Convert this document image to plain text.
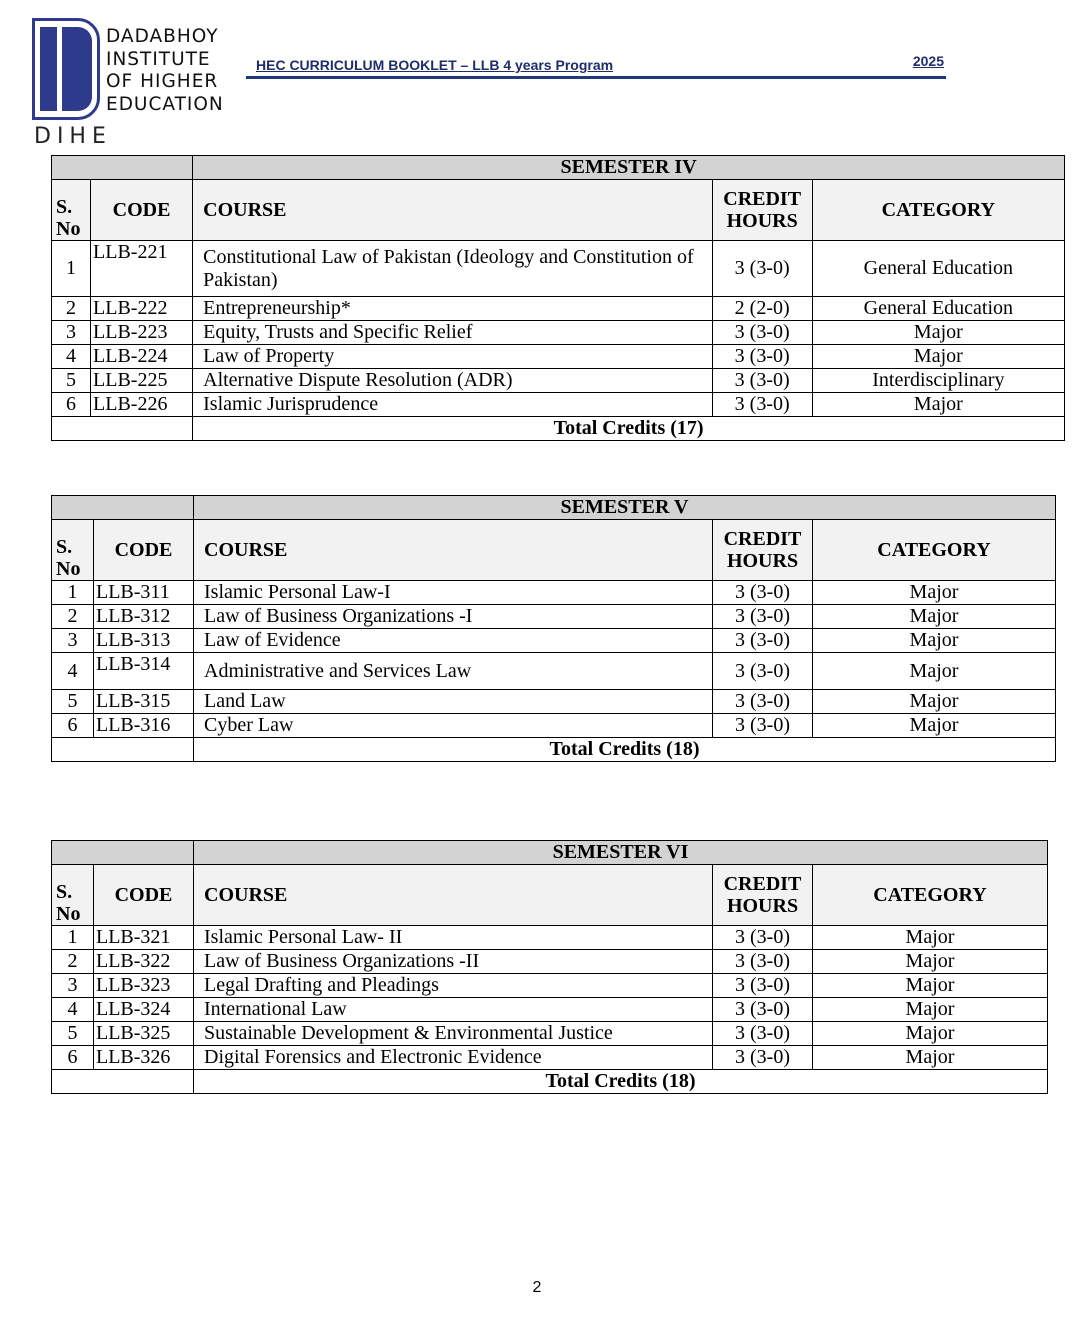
DADABHOY
INSTITUTE
OF HIGHER
EDUCATION
DIHE
HEC CURRICULUM BOOKLET – LLB 4 years Program	2025
		SEMESTER IV		
S. No	CODE	COURSE	CREDIT HOURS	CATEGORY
1	LLB-221	Constitutional Law of Pakistan (Ideology and Constitution of Pakistan)	3 (3-0)	General Education
2	LLB-222	Entrepreneurship*	2 (2-0)	General Education
3	LLB-223	Equity, Trusts and Specific Relief	3 (3-0)	Major
4	LLB-224	Law of Property	3 (3-0)	Major
5	LLB-225	Alternative Dispute Resolution (ADR)	3 (3-0)	Interdisciplinary
6	LLB-226	Islamic Jurisprudence	3 (3-0)	Major
		Total Credits (17)		
		SEMESTER V		
S. No	CODE	COURSE	CREDIT HOURS	CATEGORY
1	LLB-311	Islamic Personal Law-I	3 (3-0)	Major
2	LLB-312	Law of Business Organizations -I	3 (3-0)	Major
3	LLB-313	Law of Evidence	3 (3-0)	Major
4	LLB-314	Administrative and Services Law	3 (3-0)	Major
5	LLB-315	Land Law	3 (3-0)	Major
6	LLB-316	Cyber Law	3 (3-0)	Major
		Total Credits (18)		
		SEMESTER VI		
S. No	CODE	COURSE	CREDIT HOURS	CATEGORY
1	LLB-321	Islamic Personal Law- II	3 (3-0)	Major
2	LLB-322	Law of Business Organizations -II	3 (3-0)	Major
3	LLB-323	Legal Drafting and Pleadings	3 (3-0)	Major
4	LLB-324	International Law	3 (3-0)	Major
5	LLB-325	Sustainable Development & Environmental Justice	3 (3-0)	Major
6	LLB-326	Digital Forensics and Electronic Evidence	3 (3-0)	Major
		Total Credits (18)		
2
